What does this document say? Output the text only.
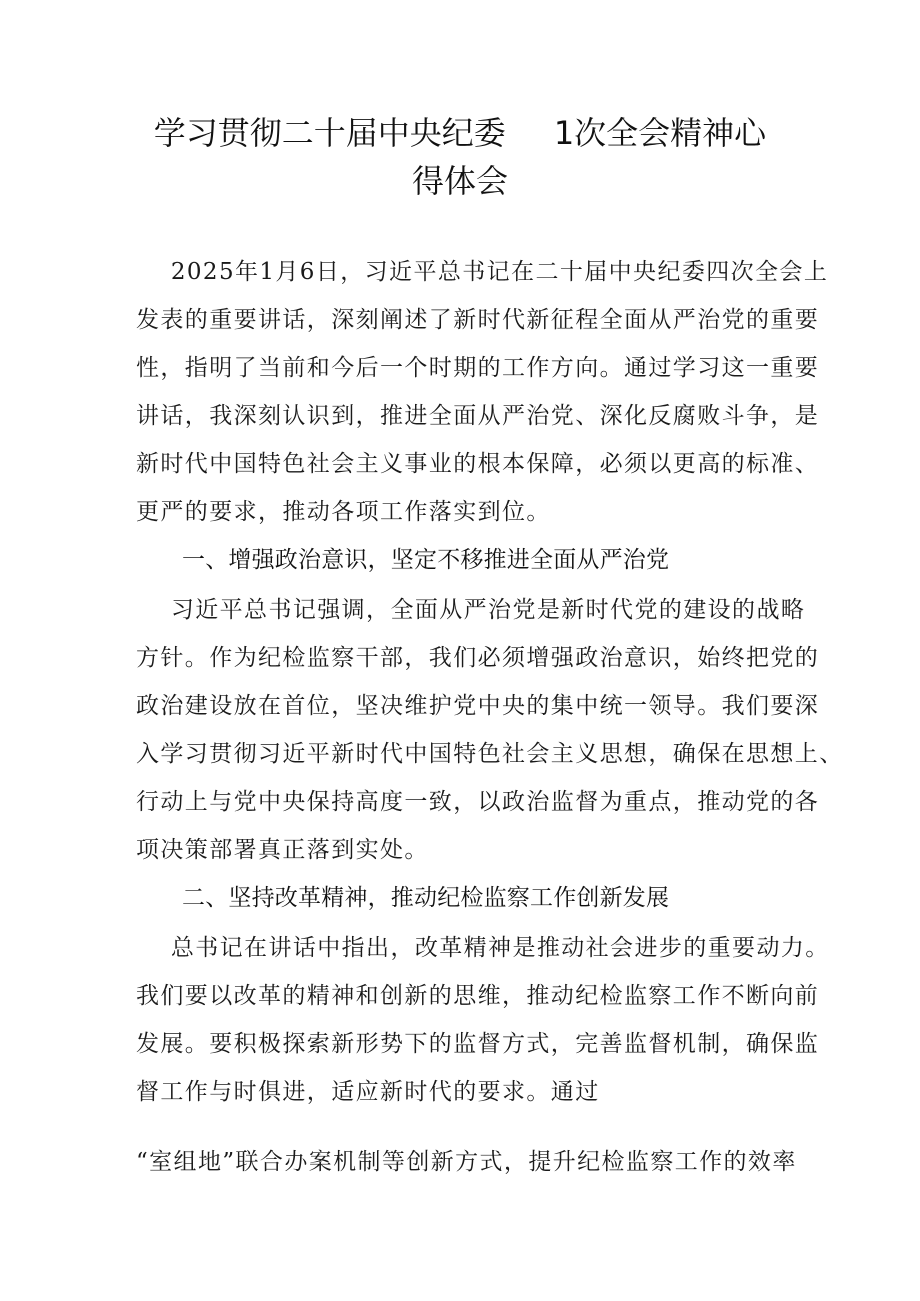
学习贯彻二十届中央纪委 1次全会精神心
得体会
2025年1月6日，习近平总书记在二十届中央纪委四次全会上
发表的重要讲话，深刻阐述了新时代新征程全面从严治党的重要
性，指明了当前和今后一个时期的工作方向。通过学习这一重要
讲话，我深刻认识到，推进全面从严治党、深化反腐败斗争，是
新时代中国特色社会主义事业的根本保障，必须以更高的标准、
更严的要求，推动各项工作落实到位。
一、增强政治意识，坚定不移推进全面从严治党
习近平总书记强调，全面从严治党是新时代党的建设的战略
方针。作为纪检监察干部，我们必须增强政治意识，始终把党的
政治建设放在首位，坚决维护党中央的集中统一领导。我们要深
入学习贯彻习近平新时代中国特色社会主义思想，确保在思想上、
行动上与党中央保持高度一致，以政治监督为重点，推动党的各
项决策部署真正落到实处。
二、坚持改革精神，推动纪检监察工作创新发展
总书记在讲话中指出，改革精神是推动社会进步的重要动力。
我们要以改革的精神和创新的思维，推动纪检监察工作不断向前
发展。要积极探索新形势下的监督方式，完善监督机制，确保监
督工作与时俱进，适应新时代的要求。通过
“室组地”联合办案机制等创新方式，提升纪检监察工作的效率
